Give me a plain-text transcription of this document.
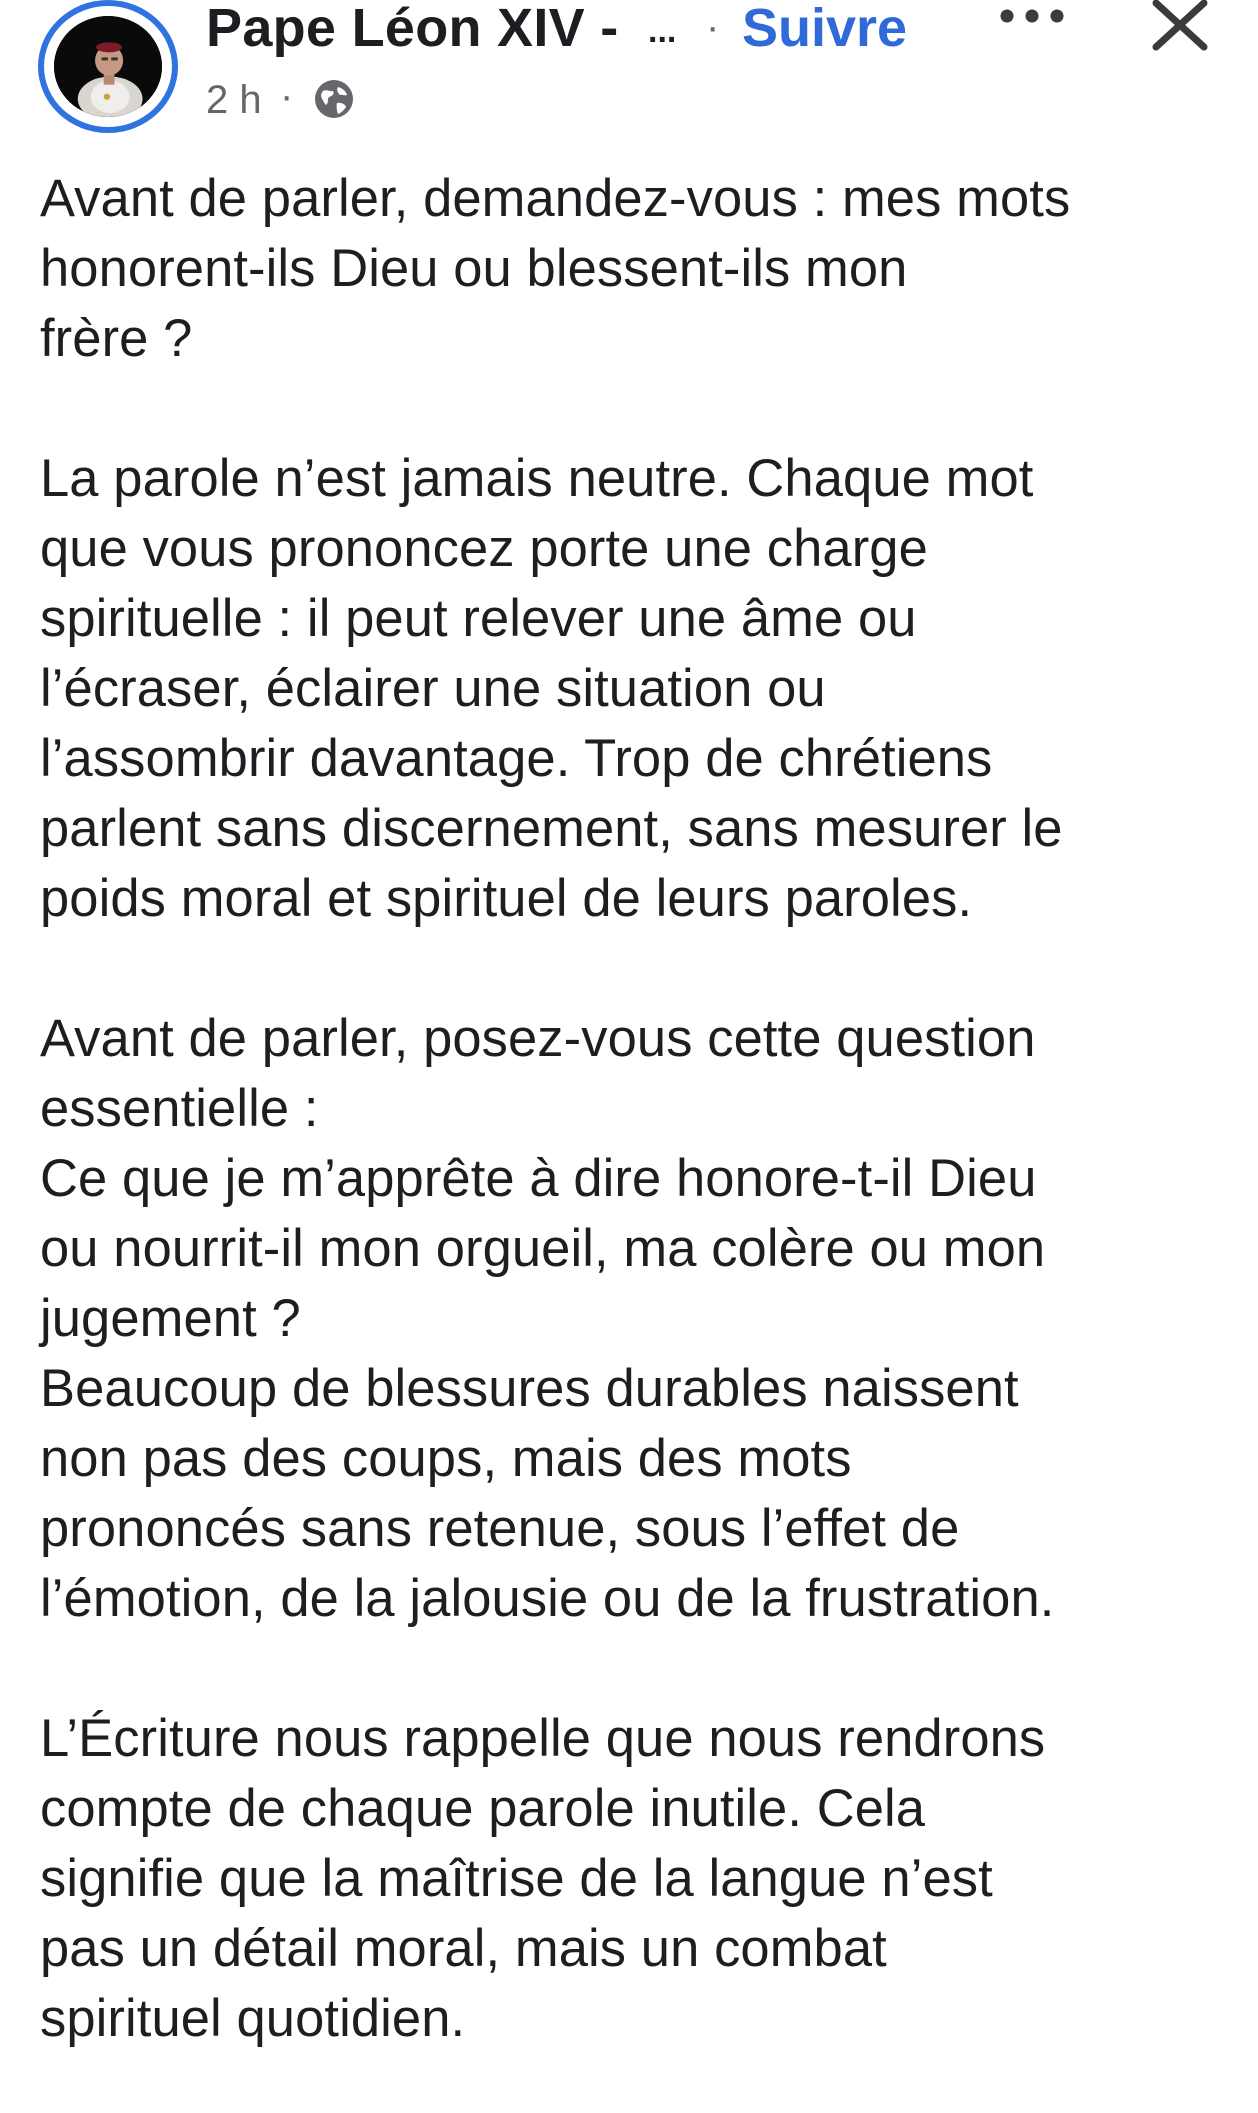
Pape Léon XIV - ... · Suivre
2 h ·
Avant de parler, demandez-vous : mes mots
honorent-ils Dieu ou blessent-ils mon
frère ?

La parole n’est jamais neutre. Chaque mot
que vous prononcez porte une charge
spirituelle : il peut relever une âme ou
l’écraser, éclairer une situation ou
l’assombrir davantage. Trop de chrétiens
parlent sans discernement, sans mesurer le
poids moral et spirituel de leurs paroles.

Avant de parler, posez-vous cette question
essentielle :
Ce que je m’apprête à dire honore-t-il Dieu
ou nourrit-il mon orgueil, ma colère ou mon
jugement ?
Beaucoup de blessures durables naissent
non pas des coups, mais des mots
prononcés sans retenue, sous l’effet de
l’émotion, de la jalousie ou de la frustration.

L’Écriture nous rappelle que nous rendrons
compte de chaque parole inutile. Cela
signifie que la maîtrise de la langue n’est
pas un détail moral, mais un combat
spirituel quotidien.
